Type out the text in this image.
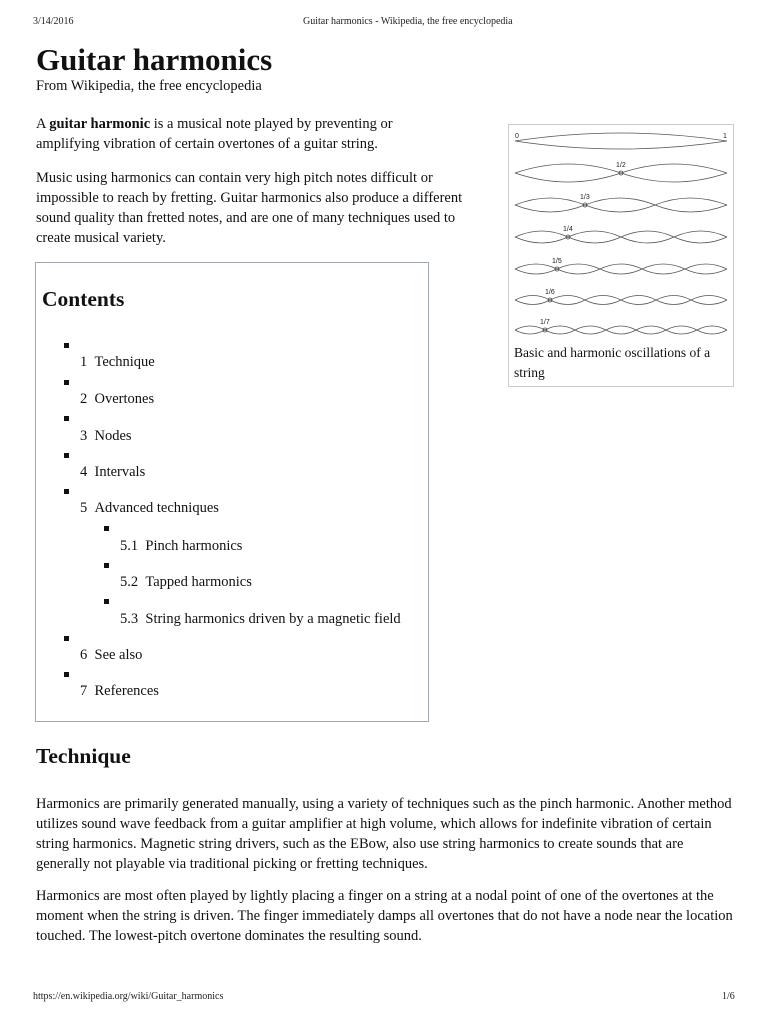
3/14/2016	Guitar harmonics - Wikipedia, the free encyclopedia
Guitar harmonics
From Wikipedia, the free encyclopedia

A guitar harmonic is a musical note played by preventing or amplifying vibration of certain overtones of a guitar string.

Music using harmonics can contain very high pitch notes difficult or impossible to reach by fretting. Guitar harmonics also produce a different sound quality than fretted notes, and are one of many techniques used to create musical variety.

0	1
1/2
1/3
1/4
1/5
1/6
1/7
Basic and harmonic oscillations of a string
Contents
1 Technique
2 Overtones
3 Nodes
4 Intervals
5 Advanced techniques
5.1 Pinch harmonics
5.2 Tapped harmonics
5.3 String harmonics driven by a magnetic field
6 See also
7 References
Technique

Harmonics are primarily generated manually, using a variety of techniques such as the pinch harmonic. Another method utilizes sound wave feedback from a guitar amplifier at high volume, which allows for indefinite vibration of certain string harmonics. Magnetic string drivers, such as the EBow, also use string harmonics to create sounds that are generally not playable via traditional picking or fretting techniques.

Harmonics are most often played by lightly placing a finger on a string at a nodal point of one of the overtones at the moment when the string is driven. The finger immediately damps all overtones that do not have a node near the location touched. The lowest-pitch overtone dominates the resulting sound.

https://en.wikipedia.org/wiki/Guitar_harmonics	1/6
